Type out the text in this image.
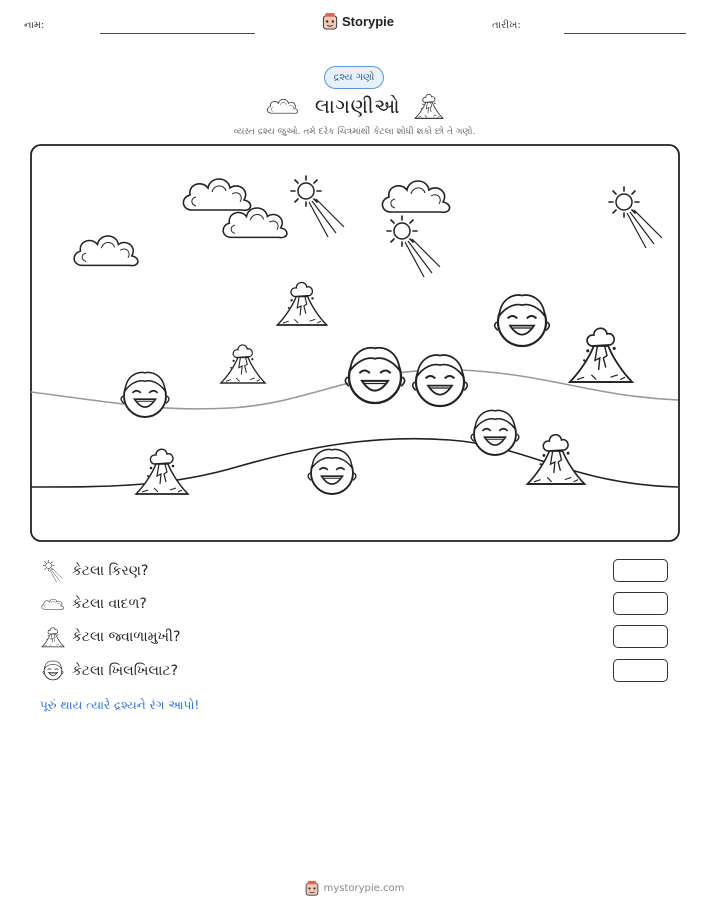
નામ:	Storypie	તારીખ:
દ્રશ્ય ગણો
લાગણીઓ
વ્યસ્ત દ્રશ્ય જુઓ. તમે દરેક ચિત્રમાંથી કેટલા શોધી શકો છો તે ગણો.
કેટલા કિરણ?
કેટલા વાદળ?
કેટલા જ્વાળામુખી?
કેટલા ખિલખિલાટ?
પૂરું થાય ત્યારે દ્રશ્યને રંગ આપો!
mystorypie.com
